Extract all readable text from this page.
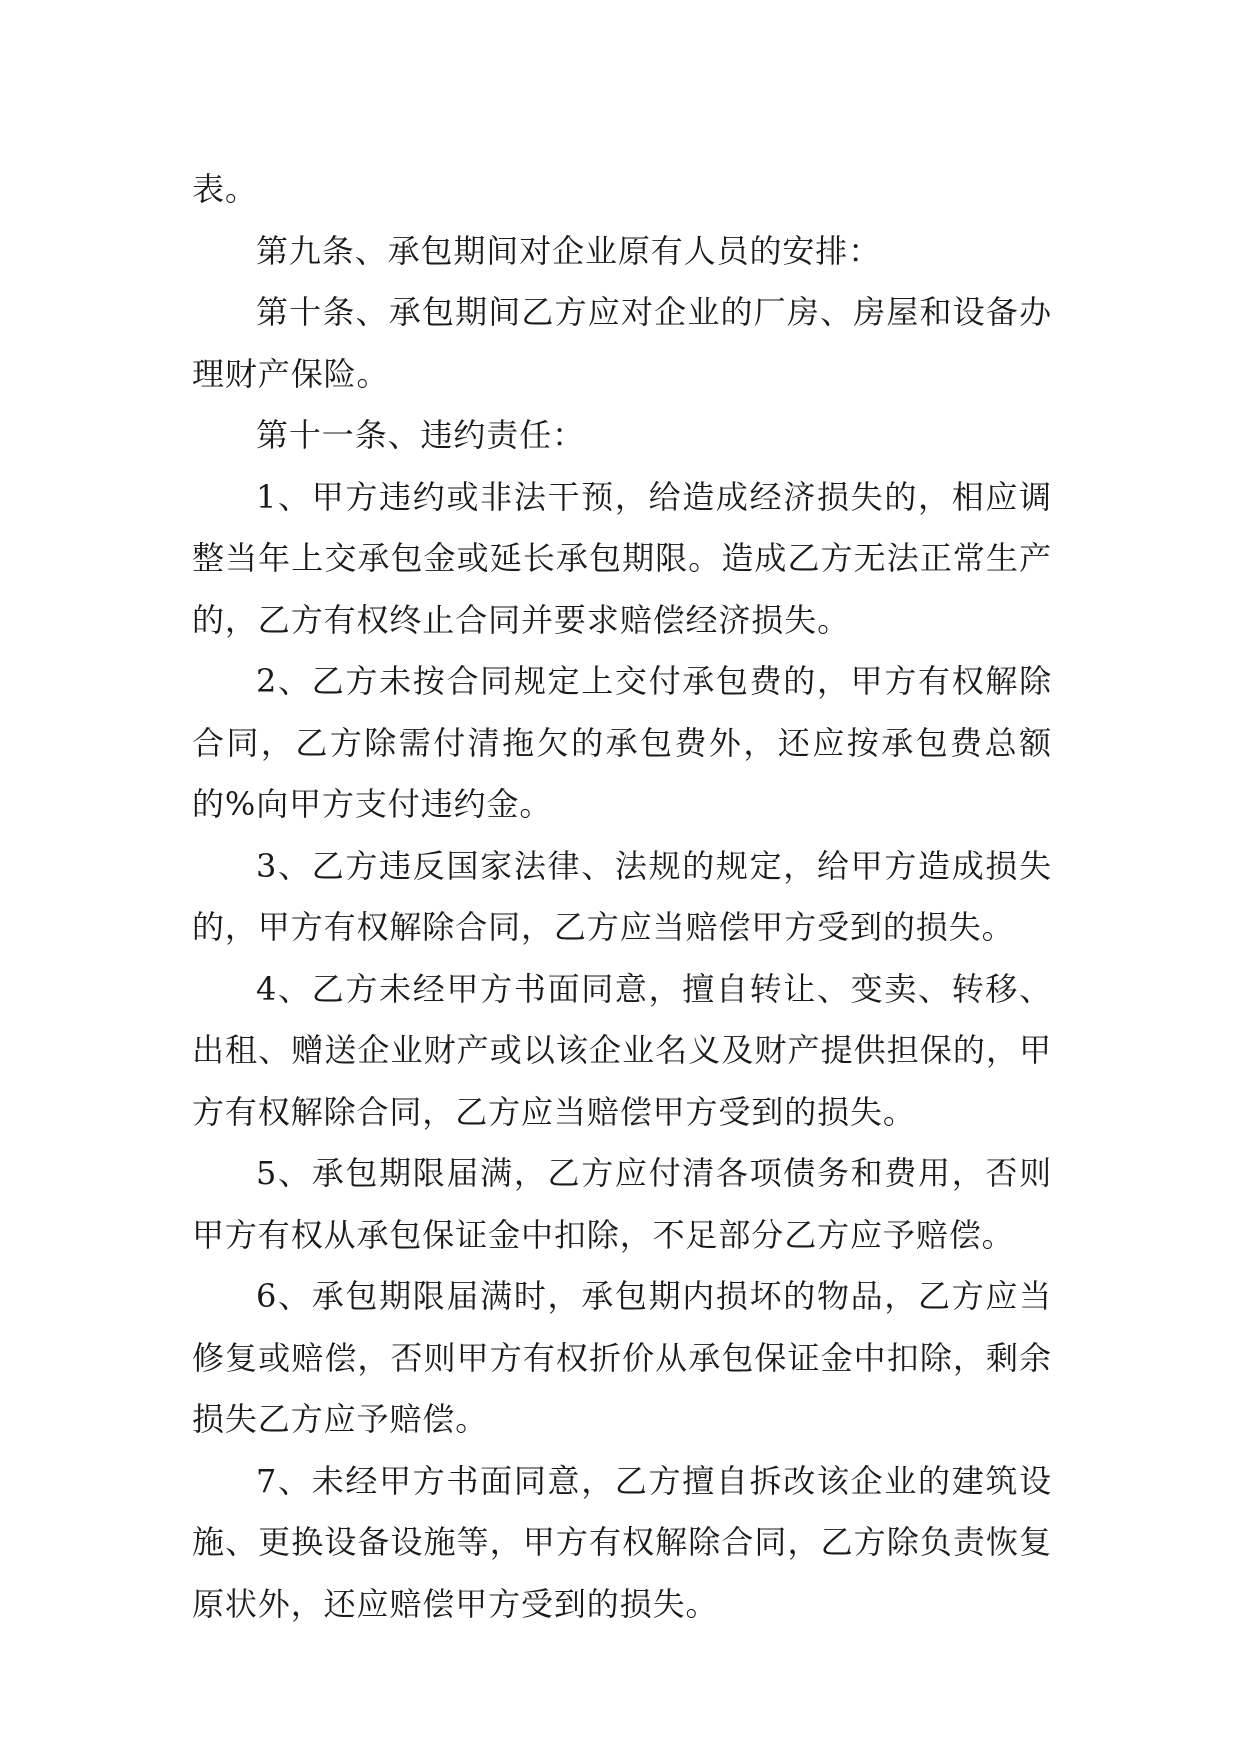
表。

第九条、承包期间对企业原有人员的安排：

第十条、承包期间乙方应对企业的厂房、房屋和设备办理财产保险。

第十一条、违约责任：

1、甲方违约或非法干预，给造成经济损失的，相应调整当年上交承包金或延长承包期限。造成乙方无法正常生产的，乙方有权终止合同并要求赔偿经济损失。

2、乙方未按合同规定上交付承包费的，甲方有权解除合同，乙方除需付清拖欠的承包费外，还应按承包费总额的%向甲方支付违约金。

3、乙方违反国家法律、法规的规定，给甲方造成损失的，甲方有权解除合同，乙方应当赔偿甲方受到的损失。

4、乙方未经甲方书面同意，擅自转让、变卖、转移、出租、赠送企业财产或以该企业名义及财产提供担保的，甲方有权解除合同，乙方应当赔偿甲方受到的损失。

5、承包期限届满，乙方应付清各项债务和费用，否则甲方有权从承包保证金中扣除，不足部分乙方应予赔偿。

6、承包期限届满时，承包期内损坏的物品，乙方应当修复或赔偿，否则甲方有权折价从承包保证金中扣除，剩余损失乙方应予赔偿。

7、未经甲方书面同意，乙方擅自拆改该企业的建筑设施、更换设备设施等，甲方有权解除合同，乙方除负责恢复原状外，还应赔偿甲方受到的损失。
